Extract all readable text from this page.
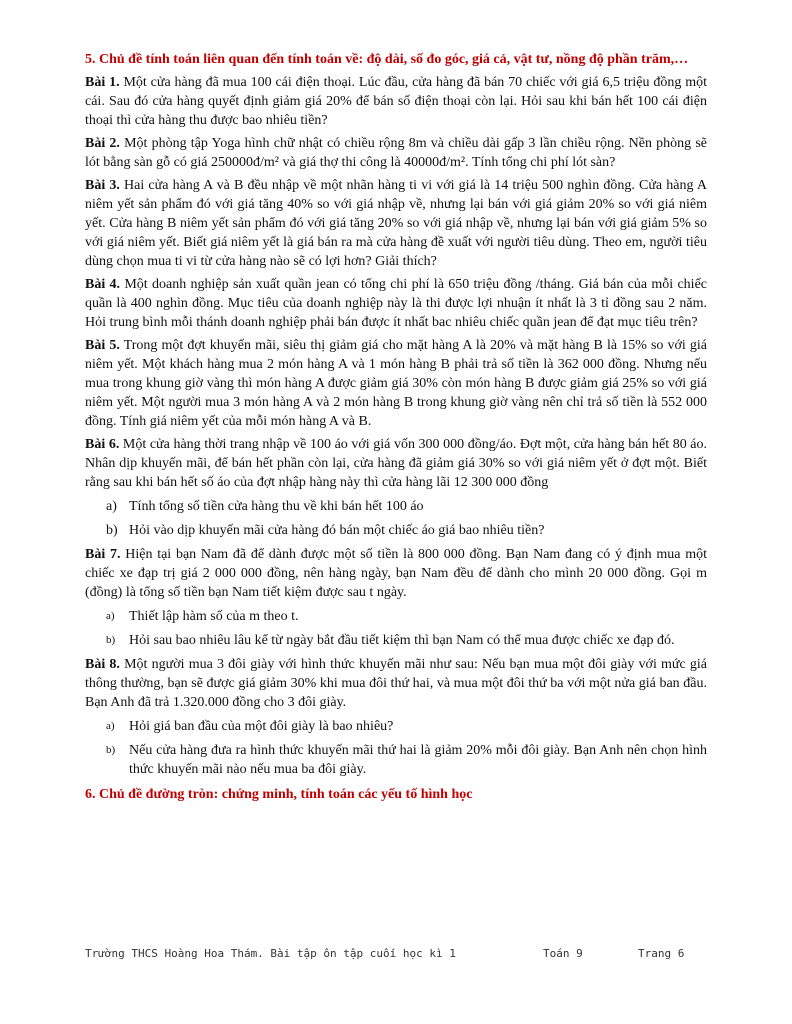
5. Chủ đề tính toán liên quan đến tính toán về: độ dài, số đo góc, giá cả, vật tư, nồng độ phần trăm,…

Bài 1. Một cửa hàng đã mua 100 cái điện thoại. Lúc đầu, cửa hàng đã bán 70 chiếc với giá 6,5 triệu đồng một cái. Sau đó cửa hàng quyết định giảm giá 20% để bán số điện thoại còn lại. Hỏi sau khi bán hết 100 cái điện thoại thì cửa hàng thu được bao nhiêu tiền?

Bài 2. Một phòng tập Yoga hình chữ nhật có chiều rộng 8m và chiều dài gấp 3 lần chiều rộng. Nền phòng sẽ lót bằng sàn gỗ có giá 250000đ/m² và giá thợ thi công là 40000đ/m². Tính tổng chi phí lót sàn?

Bài 3. Hai cửa hàng A và B đều nhập về một nhãn hàng ti vi với giá là 14 triệu 500 nghìn đồng. Cửa hàng A niêm yết sản phẩm đó với giá tăng 40% so với giá nhập về, nhưng lại bán với giá giảm 20% so với giá niêm yết. Cửa hàng B niêm yết sản phẩm đó với giá tăng 20% so với giá nhập về, nhưng lại bán với giá giảm 5% so với giá niêm yết. Biết giá niêm yết là giá bán ra mà cửa hàng đề xuất với người tiêu dùng. Theo em, người tiêu dùng chọn mua ti vi từ cửa hàng nào sẽ có lợi hơn? Giải thích?

Bài 4. Một doanh nghiệp sản xuất quần jean có tổng chi phí là 650 triệu đồng /tháng. Giá bán của mỗi chiếc quần là 400 nghìn đồng. Mục tiêu của doanh nghiệp này là thi được lợi nhuận ít nhất là 3 tỉ đồng sau 2 năm. Hỏi trung bình mỗi thánh doanh nghiệp phải bán được ít nhất bac nhiêu chiếc quần jean để đạt mục tiêu trên?

Bài 5. Trong một đợt khuyến mãi, siêu thị giảm giá cho mặt hàng A là 20% và mặt hàng B là 15% so với giá niêm yết. Một khách hàng mua 2 món hàng A và 1 món hàng B phải trả số tiền là 362 000 đồng. Nhưng nếu mua trong khung giờ vàng thì món hàng A được giảm giá 30% còn món hàng B được giảm giá 25% so với giá niêm yết. Một người mua 3 món hàng A và 2 món hàng B trong khung giờ vàng nên chỉ trả số tiền là 552 000 đồng. Tính giá niêm yết của mỗi món hàng A và B.

Bài 6. Một cửa hàng thời trang nhập về 100 áo với giá vốn 300 000 đồng/áo. Đợt một, cửa hàng bán hết 80 áo. Nhân dịp khuyến mãi, để bán hết phần còn lại, cửa hàng đã giảm giá 30% so với giá niêm yết ở đợt một. Biết rằng sau khi bán hết số áo của đợt nhập hàng này thì cửa hàng lãi 12 300 000 đồng

a) Tính tổng số tiền cửa hàng thu về khi bán hết 100 áo
b) Hỏi vào dịp khuyến mãi cửa hàng đó bán một chiếc áo giá bao nhiêu tiền?

Bài 7. Hiện tại bạn Nam đã để dành được một số tiền là 800 000 đồng. Bạn Nam đang có ý định mua một chiếc xe đạp trị giá 2 000 000 đồng, nên hàng ngày, bạn Nam đều để dành cho mình 20 000 đồng. Gọi m (đồng) là tổng số tiền bạn Nam tiết kiệm được sau t ngày.

a) Thiết lập hàm số của m theo t.
b) Hỏi sau bao nhiêu lâu kể từ ngày bắt đầu tiết kiệm thì bạn Nam có thể mua được chiếc xe đạp đó.

Bài 8. Một người mua 3 đôi giày với hình thức khuyến mãi như sau: Nếu bạn mua một đôi giày với mức giá thông thường, bạn sẽ được giá giảm 30% khi mua đôi thứ hai, và mua một đôi thứ ba với một nửa giá ban đầu. Bạn Anh đã trả 1.320.000 đồng cho 3 đôi giày.

a) Hỏi giá ban đầu của một đôi giày là bao nhiêu?
b) Nếu cửa hàng đưa ra hình thức khuyến mãi thứ hai là giảm 20% mỗi đôi giày. Bạn Anh nên chọn hình thức khuyến mãi nào nếu mua ba đôi giày.

6. Chủ đề đường tròn: chứng minh, tính toán các yếu tố hình học

Trường THCS Hoàng Hoa Thám. Bài tập ôn tập cuối học kì 1

	Toán 9

	Trang 6
